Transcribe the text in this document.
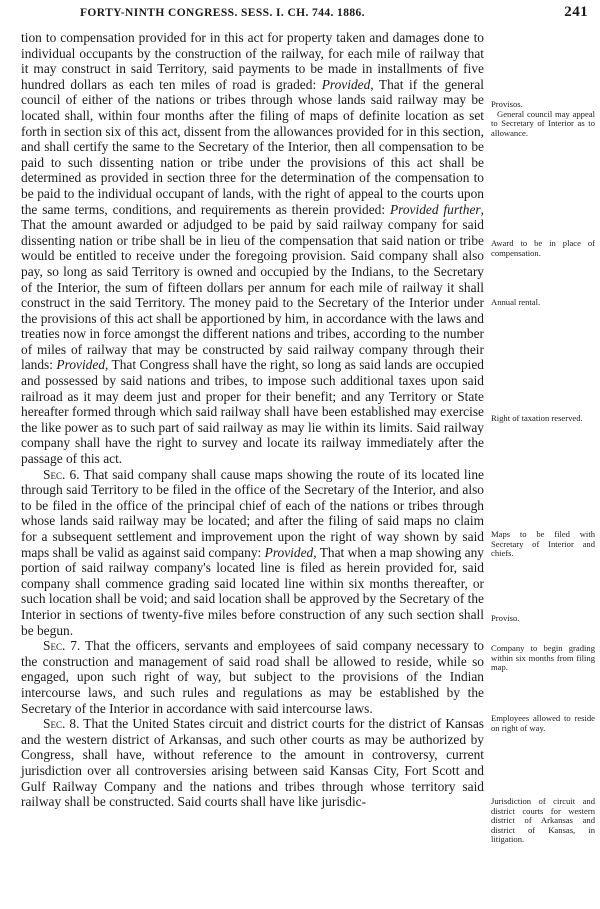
FORTY-NINTH CONGRESS. SESS. I. CH. 744. 1886.	241

tion to compensation provided for in this act for property taken and damages done to individual occupants by the construction of the railway, for each mile of railway that it may construct in said Territory, said payments to be made in installments of five hundred dollars as each ten miles of road is graded: Provided, That if the general council of either of the nations or tribes through whose lands said railway may be located shall, within four months after the filing of maps of definite location as set forth in section six of this act, dissent from the allowances provided for in this section, and shall certify the same to the Secretary of the Interior, then all compensation to be paid to such dissenting nation or tribe under the provisions of this act shall be determined as provided in section three for the determination of the compensation to be paid to the individual occupant of lands, with the right of appeal to the courts upon the same terms, conditions, and requirements as therein provided: Provided further, That the amount awarded or adjudged to be paid by said railway company for said dissenting nation or tribe shall be in lieu of the compensation that said nation or tribe would be entitled to receive under the foregoing provision. Said company shall also pay, so long as said Territory is owned and occupied by the Indians, to the Secretary of the Interior, the sum of fifteen dollars per annum for each mile of railway it shall construct in the said Territory. The money paid to the Secretary of the Interior under the provisions of this act shall be apportioned by him, in accordance with the laws and treaties now in force amongst the different nations and tribes, according to the number of miles of railway that may be constructed by said railway company through their lands: Provided, That Congress shall have the right, so long as said lands are occupied and possessed by said nations and tribes, to impose such additional taxes upon said railroad as it may deem just and proper for their benefit; and any Territory or State hereafter formed through which said railway shall have been established may exercise the like power as to such part of said railway as may lie within its limits. Said railway company shall have the right to survey and locate its railway immediately after the passage of this act.

Sec. 6. That said company shall cause maps showing the route of its located line through said Territory to be filed in the office of the Secretary of the Interior, and also to be filed in the office of the principal chief of each of the nations or tribes through whose lands said railway may be located; and after the filing of said maps no claim for a subsequent settlement and improvement upon the right of way shown by said maps shall be valid as against said company: Provided, That when a map showing any portion of said railway company's located line is filed as herein provided for, said company shall commence grading said located line within six months thereafter, or such location shall be void; and said location shall be approved by the Secretary of the Interior in sections of twenty-five miles before construction of any such section shall be begun.

Sec. 7. That the officers, servants and employees of said company necessary to the construction and management of said road shall be allowed to reside, while so engaged, upon such right of way, but subject to the provisions of the Indian intercourse laws, and such rules and regulations as may be established by the Secretary of the Interior in accordance with said intercourse laws.

Sec. 8. That the United States circuit and district courts for the district of Kansas and the western district of Arkansas, and such other courts as may be authorized by Congress, shall have, without reference to the amount in controversy, current jurisdiction over all controversies arising between said Kansas City, Fort Scott and Gulf Railway Company and the nations and tribes through whose territory said railway shall be constructed. Said courts shall have like jurisdic-

Provisos.
General council may appeal to Secretary of Interior as to allowance.
Award to be in place of compensation.
Annual rental.
Right of taxation reserved.
Maps to be filed with Secretary of Interior and chiefs.
Proviso.
Company to begin grading within six months from filing map.
Employees allowed to reside on right of way.
Jurisdiction of circuit and district courts for western district of Arkansas and district of Kansas, in litigation.
